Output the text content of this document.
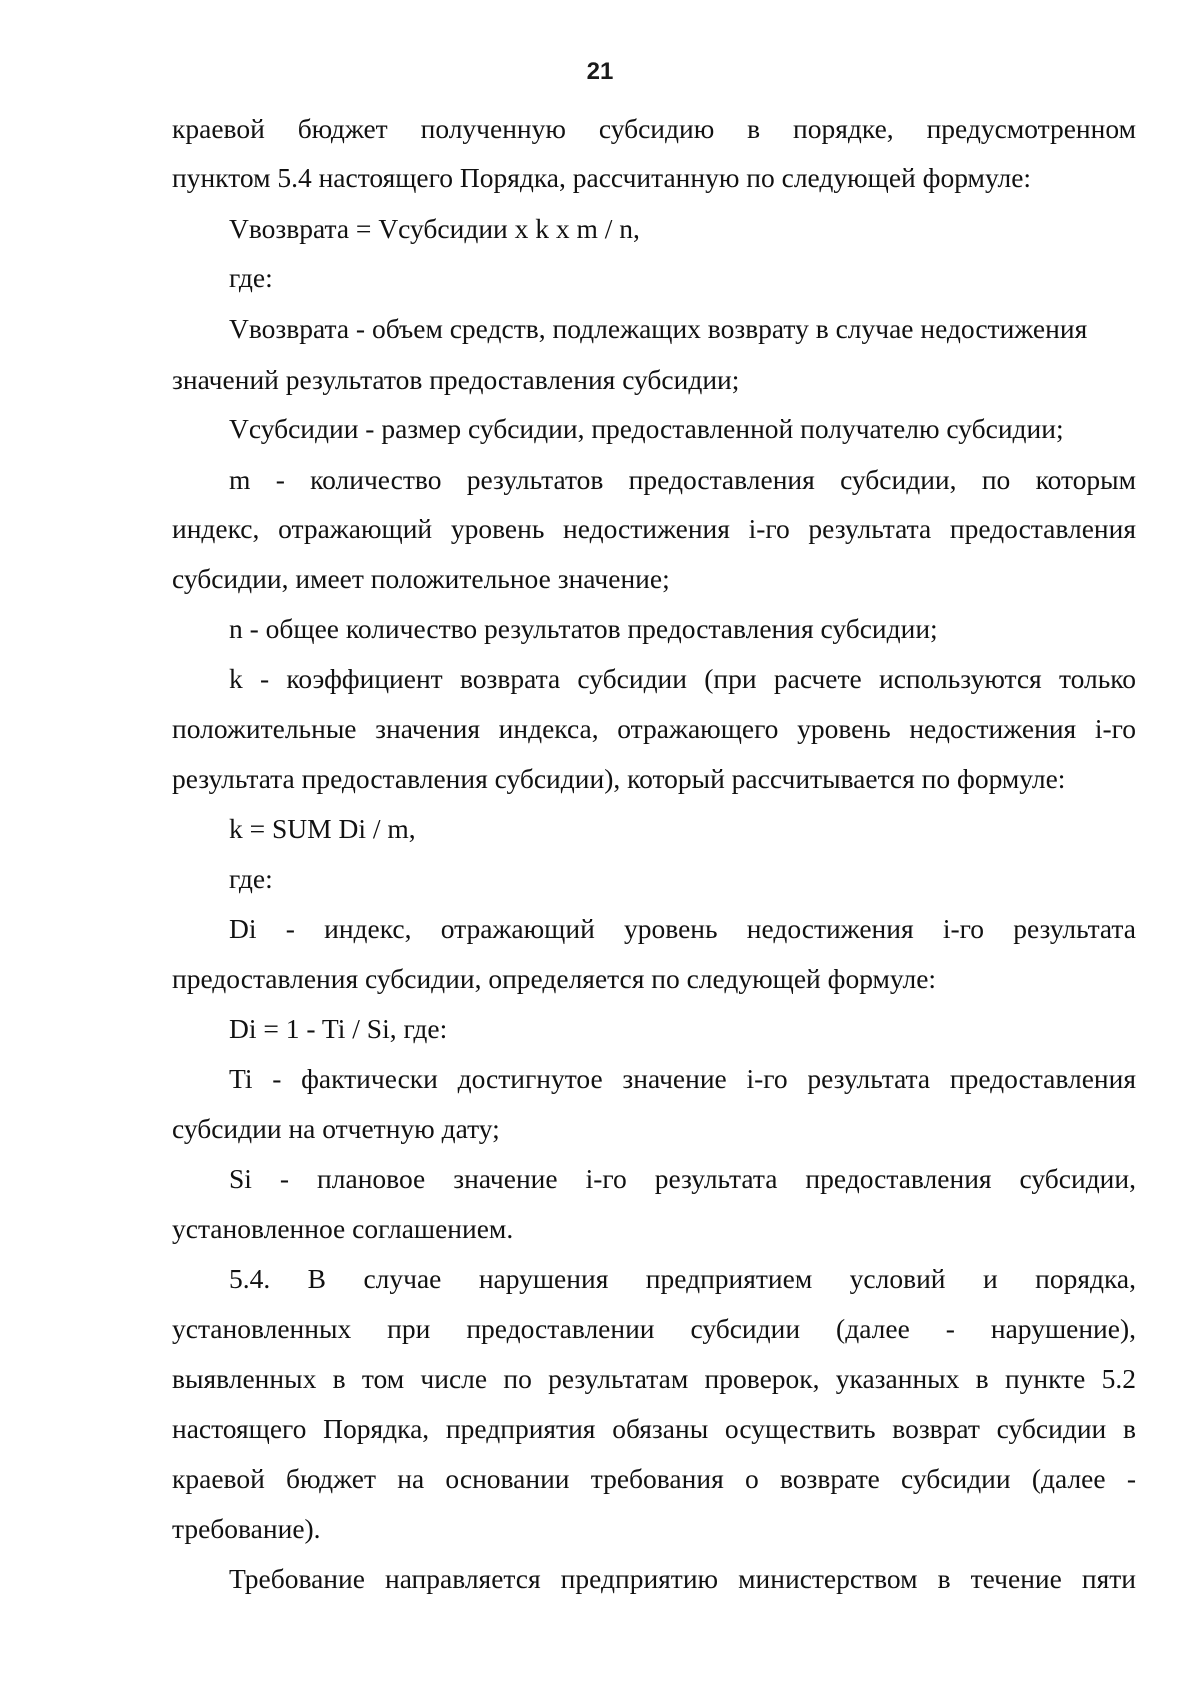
21
краевой бюджет полученную субсидию в порядке, предусмотренном
пунктом 5.4 настоящего Порядка, рассчитанную по следующей формуле:
Vвозврата = Vсубсидии x k x m / n,
где:
Vвозврата - объем средств, подлежащих возврату в случае недостижения
значений результатов предоставления субсидии;
Vсубсидии - размер субсидии, предоставленной получателю субсидии;
m - количество результатов предоставления субсидии, по которым
индекс, отражающий уровень недостижения i-го результата предоставления
субсидии, имеет положительное значение;
n - общее количество результатов предоставления субсидии;
k - коэффициент возврата субсидии (при расчете используются только
положительные значения индекса, отражающего уровень недостижения i-го
результата предоставления субсидии), который рассчитывается по формуле:
k = SUM Di / m,
где:
Di - индекс, отражающий уровень недостижения i-го результата
предоставления субсидии, определяется по следующей формуле:
Di = 1 - Ti / Si, где:
Ti - фактически достигнутое значение i-го результата предоставления
субсидии на отчетную дату;
Si - плановое значение i-го результата предоставления субсидии,
установленное соглашением.
5.4. В случае нарушения предприятием условий и порядка,
установленных при предоставлении субсидии (далее - нарушение),
выявленных в том числе по результатам проверок, указанных в пункте 5.2
настоящего Порядка, предприятия обязаны осуществить возврат субсидии в
краевой бюджет на основании требования о возврате субсидии (далее -
требование).
Требование направляется предприятию министерством в течение пяти
